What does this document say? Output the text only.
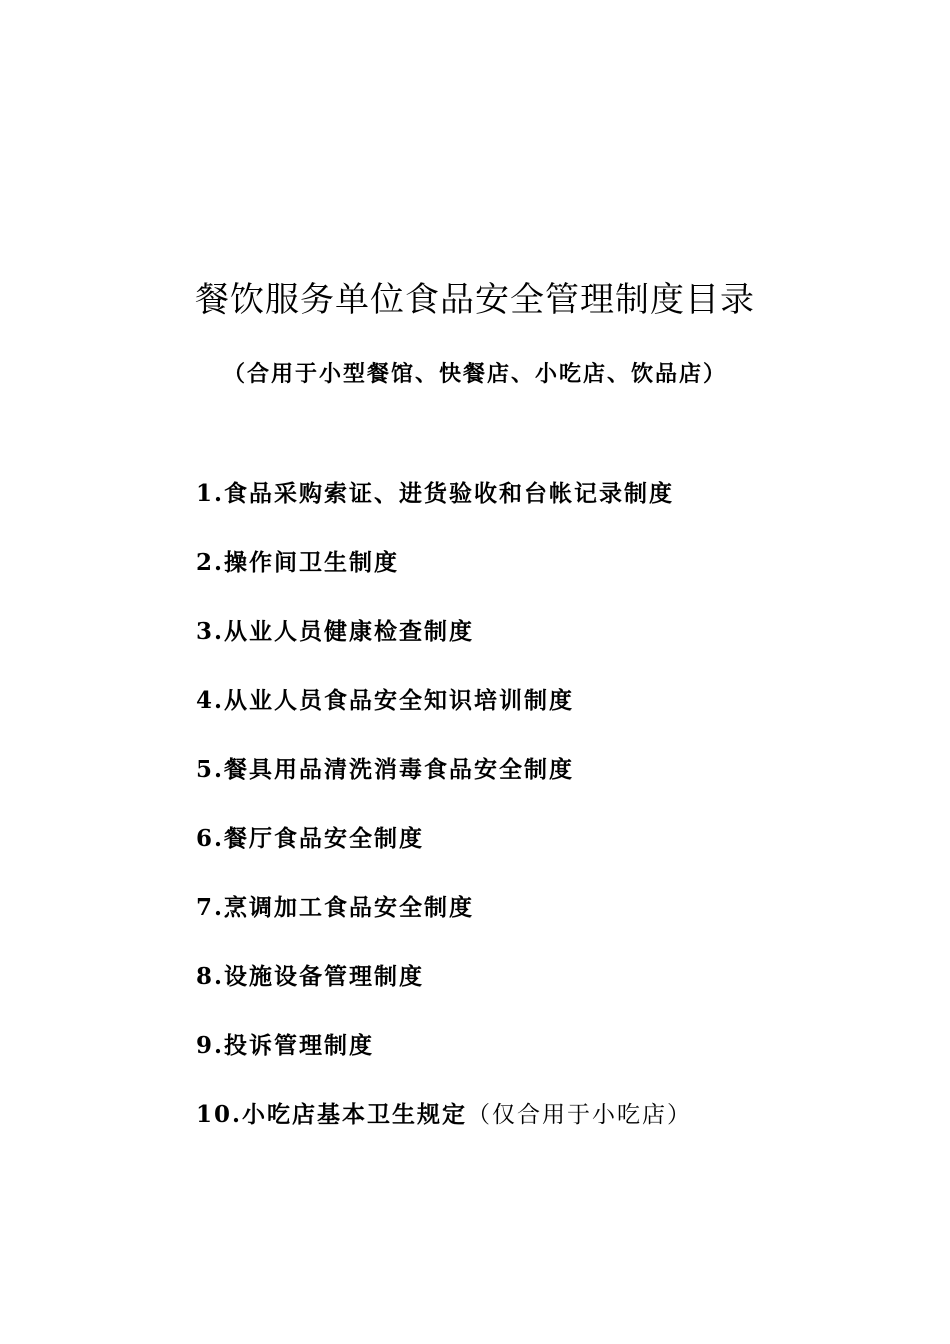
餐饮服务单位食品安全管理制度目录
（合用于小型餐馆、快餐店、小吃店、饮品店）
1.食品采购索证、进货验收和台帐记录制度
2.操作间卫生制度
3.从业人员健康检查制度
4.从业人员食品安全知识培训制度
5.餐具用品清洗消毒食品安全制度
6.餐厅食品安全制度
7.烹调加工食品安全制度
8.设施设备管理制度
9.投诉管理制度
10.小吃店基本卫生规定（仅合用于小吃店）
